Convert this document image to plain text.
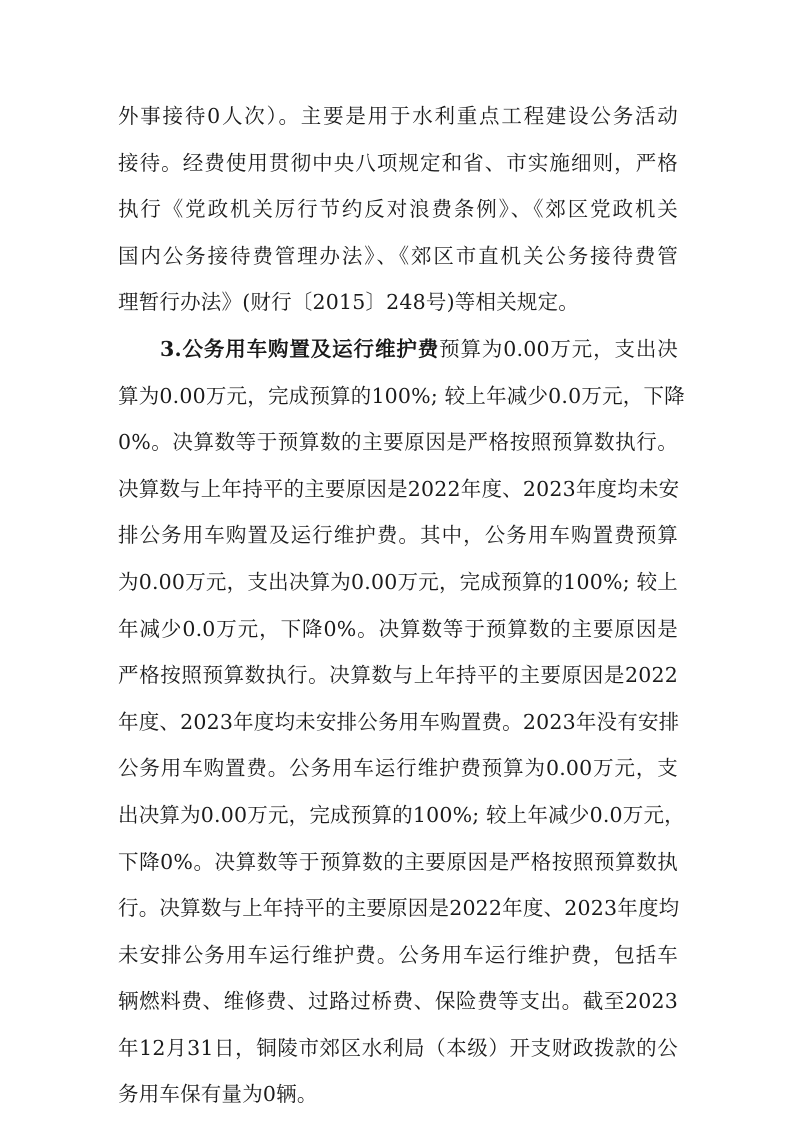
外事接待0人次）。主要是用于水利重点工程建设公务活动
接待。经费使用贯彻中央八项规定和省、市实施细则，严格
执行《党政机关厉行节约反对浪费条例》、《郊区党政机关
国内公务接待费管理办法》、《郊区市直机关公务接待费管
理暂行办法》(财行〔2015〕248号)等相关规定。
3.公务用车购置及运行维护费预算为0.00万元，支出决
算为0.00万元，完成预算的100%; 较上年减少0.0万元，下降
0%。决算数等于预算数的主要原因是严格按照预算数执行。
决算数与上年持平的主要原因是2022年度、2023年度均未安
排公务用车购置及运行维护费。其中，公务用车购置费预算
为0.00万元，支出决算为0.00万元，完成预算的100%; 较上
年减少0.0万元，下降0%。决算数等于预算数的主要原因是
严格按照预算数执行。决算数与上年持平的主要原因是2022
年度、2023年度均未安排公务用车购置费。2023年没有安排
公务用车购置费。公务用车运行维护费预算为0.00万元，支
出决算为0.00万元，完成预算的100%; 较上年减少0.0万元，
下降0%。决算数等于预算数的主要原因是严格按照预算数执
行。决算数与上年持平的主要原因是2022年度、2023年度均
未安排公务用车运行维护费。公务用车运行维护费，包括车
辆燃料费、维修费、过路过桥费、保险费等支出。截至2023
年12月31日，铜陵市郊区水利局（本级）开支财政拨款的公
务用车保有量为0辆。
